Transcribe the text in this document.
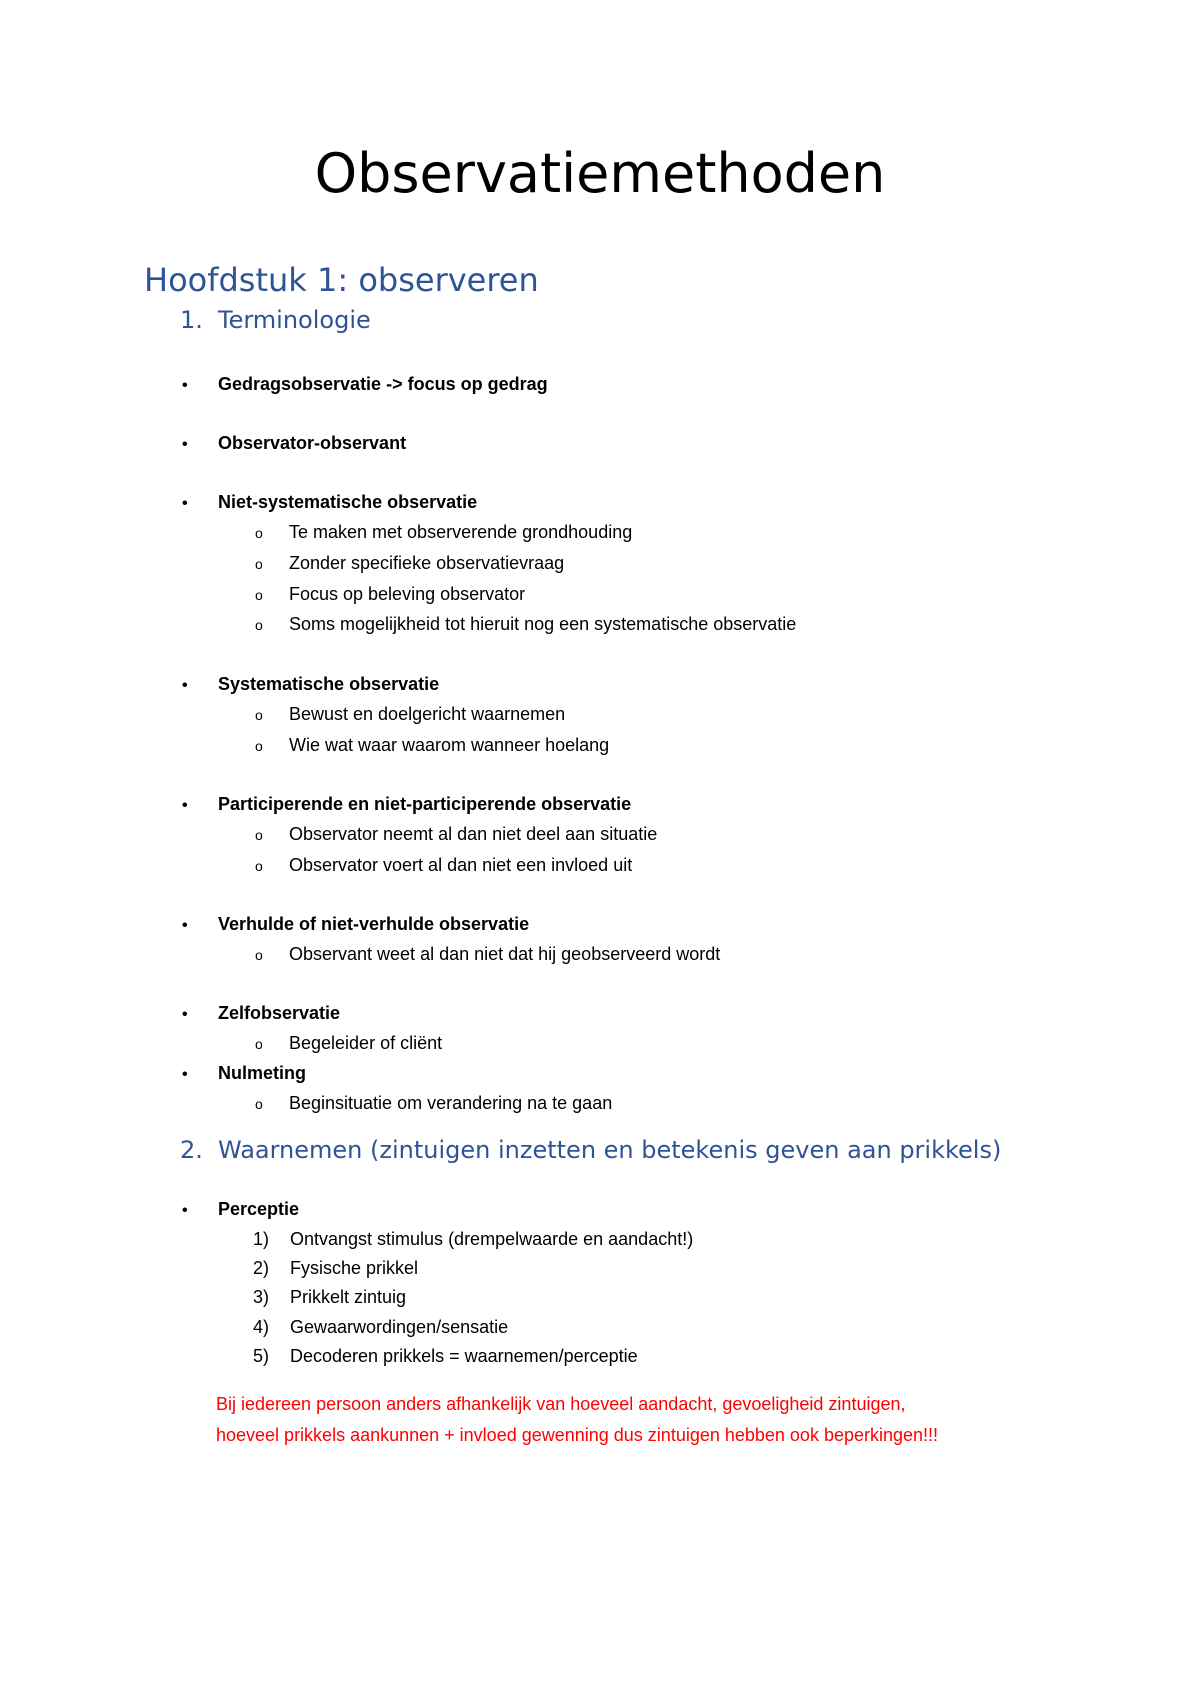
Observatiemethoden
Hoofdstuk 1: observeren
1. Terminologie
• Gedragsobservatie -> focus op gedrag
• Observator-observant
• Niet-systematische observatie
o Te maken met observerende grondhouding
o Zonder specifieke observatievraag
o Focus op beleving observator
o Soms mogelijkheid tot hieruit nog een systematische observatie
• Systematische observatie
o Bewust en doelgericht waarnemen
o Wie wat waar waarom wanneer hoelang
• Participerende en niet-participerende observatie
o Observator neemt al dan niet deel aan situatie
o Observator voert al dan niet een invloed uit
• Verhulde of niet-verhulde observatie
o Observant weet al dan niet dat hij geobserveerd wordt
• Zelfobservatie
o Begeleider of cliënt
• Nulmeting
o Beginsituatie om verandering na te gaan
2. Waarnemen (zintuigen inzetten en betekenis geven aan prikkels)
• Perceptie
1) Ontvangst stimulus (drempelwaarde en aandacht!)
2) Fysische prikkel
3) Prikkelt zintuig
4) Gewaarwordingen/sensatie
5) Decoderen prikkels = waarnemen/perceptie
Bij iedereen persoon anders afhankelijk van hoeveel aandacht, gevoeligheid zintuigen,
hoeveel prikkels aankunnen + invloed gewenning dus zintuigen hebben ook beperkingen!!!
